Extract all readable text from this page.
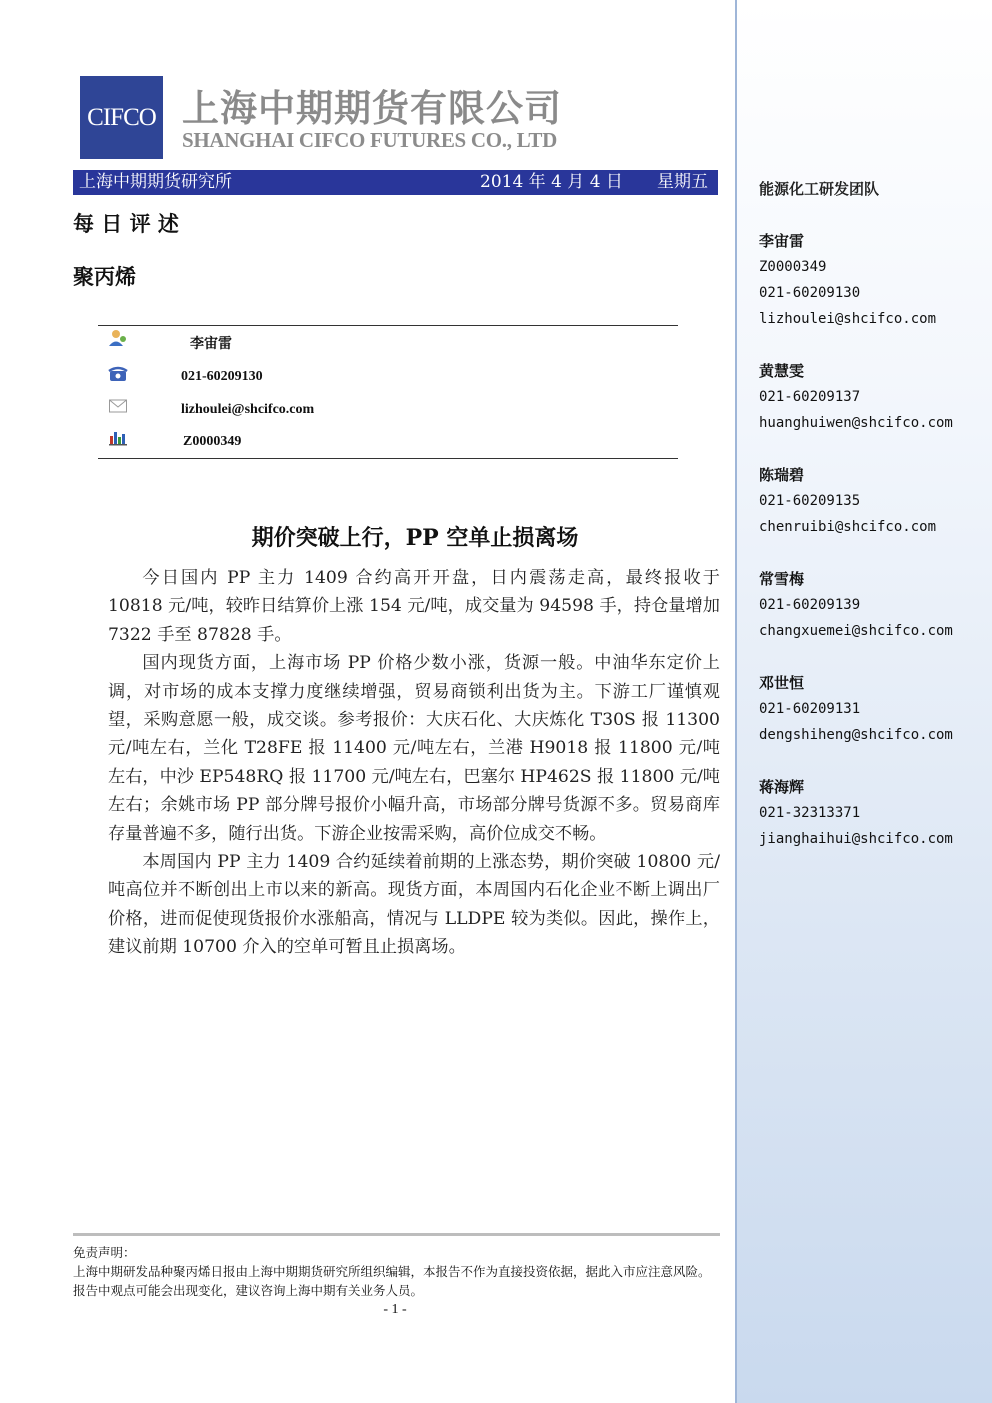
CIFCO 上海中期期货有限公司
SHANGHAI CIFCO FUTURES CO., LTD
上海中期期货研究所	2014 年 4 月 4 日 星期五
每 日 评 述
聚丙烯
李宙雷
021-60209130
lizhoulei@shcifco.com
Z0000349
期价突破上行，PP 空单止损离场

今日国内 PP 主力 1409 合约高开开盘，日内震荡走高，最终报收于 10818 元/吨，较昨日结算价上涨 154 元/吨，成交量为 94598 手，持仓量增加 7322 手至 87828 手。

国内现货方面，上海市场 PP 价格少数小涨，货源一般。中油华东定价上调，对市场的成本支撑力度继续增强，贸易商锁利出货为主。下游工厂谨慎观望，采购意愿一般，成交谈。参考报价：大庆石化、大庆炼化 T30S 报 11300 元/吨左右，兰化 T28FE 报 11400 元/吨左右，兰港 H9018 报 11800 元/吨左右，中沙 EP548RQ 报 11700 元/吨左右，巴塞尔 HP462S 报 11800 元/吨左右；余姚市场 PP 部分牌号报价小幅升高，市场部分牌号货源不多。贸易商库存量普遍不多，随行出货。下游企业按需采购，高价位成交不畅。

本周国内 PP 主力 1409 合约延续着前期的上涨态势，期价突破 10800 元/吨高位并不断创出上市以来的新高。现货方面，本周国内石化企业不断上调出厂价格，进而促使现货报价水涨船高，情况与 LLDPE 较为类似。因此，操作上，建议前期 10700 介入的空单可暂且止损离场。

免责声明：
上海中期研发品种聚丙烯日报由上海中期期货研究所组织编辑，本报告不作为直接投资依据，据此入市应注意风险。报告中观点可能会出现变化，建议咨询上海中期有关业务人员。
- 1 -
能源化工研发团队
李宙雷
Z0000349
021-60209130
lizhoulei@shcifco.com
黄慧雯
021-60209137
huanghuiwen@shcifco.com
陈瑞碧
021-60209135
chenruibi@shcifco.com
常雪梅
021-60209139
changxuemei@shcifco.com
邓世恒
021-60209131
dengshiheng@shcifco.com
蒋海辉
021-32313371
jianghaihui@shcifco.com
